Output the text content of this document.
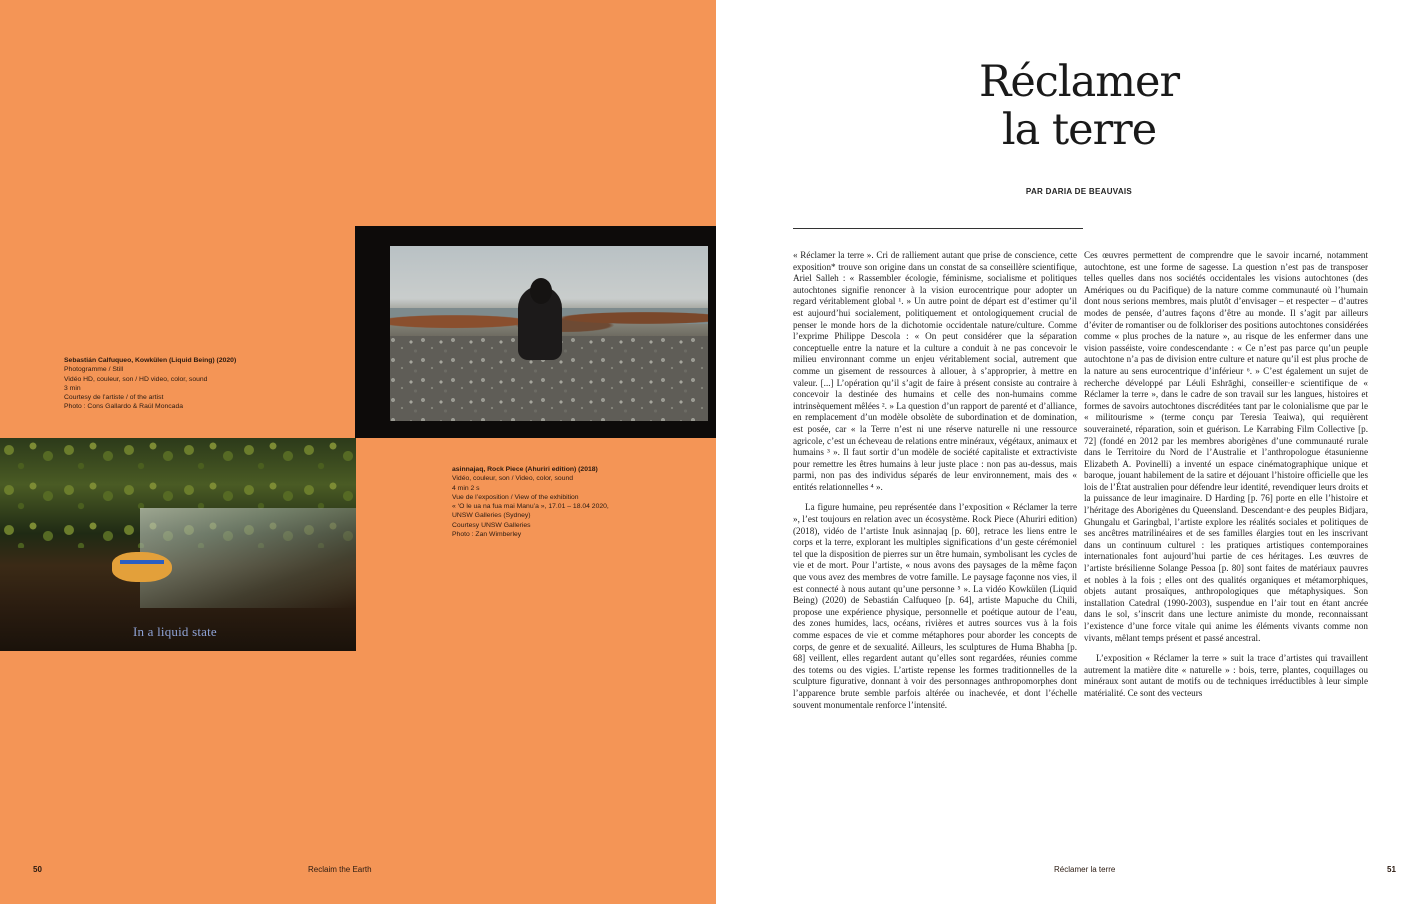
Sebastián Calfuqueo, Kowkülen (Liquid Being) (2020)
Photogramme / Still
Vidéo HD, couleur, son / HD video, color, sound
3 min
Courtesy de l’artiste / of the artist
Photo : Cons Gallardo & Raúl Moncada
In a liquid state
asinnajaq, Rock Piece (Ahuriri edition) (2018)
Vidéo, couleur, son / Video, color, sound
4 min 2 s
Vue de l’exposition / View of the exhibition
« ‘O le ua na fua mai Manu’a », 17.01 – 18.04 2020,
UNSW Galleries (Sydney)
Courtesy UNSW Galleries
Photo : Zan Wimberley
50	Reclaim the Earth
Réclamer
la terre
PAR DARIA DE BEAUVAIS

« Réclamer la terre ». Cri de ralliement autant que prise de conscience, cette exposition* trouve son origine dans un constat de sa conseillère scientifique, Ariel Salleh : « Rassembler écologie, féminisme, socialisme et politiques autochtones signifie renoncer à la vision eurocentrique pour adopter un regard véritablement global ¹. » Un autre point de départ est d’estimer qu’il est aujourd’hui socialement, politiquement et ontologiquement crucial de penser le monde hors de la dichotomie occidentale nature/culture. Comme l’exprime Philippe Descola : « On peut considérer que la séparation conceptuelle entre la nature et la culture a conduit à ne pas concevoir le milieu environnant comme un enjeu véritablement social, autrement que comme un gisement de ressources à allouer, à s’approprier, à mettre en valeur. [...] L’opération qu’il s’agit de faire à présent consiste au contraire à concevoir la destinée des humains et celle des non-humains comme intrinsèquement mêlées ². » La question d’un rapport de parenté et d’alliance, en remplacement d’un modèle obsolète de subordination et de domination, est posée, car « la Terre n’est ni une réserve naturelle ni une ressource agricole, c’est un écheveau de relations entre minéraux, végétaux, animaux et humains ³ ». Il faut sortir d’un modèle de société capitaliste et extractiviste pour remettre les êtres humains à leur juste place : non pas au-dessus, mais parmi, non pas des individus séparés de leur environnement, mais des « entités relationnelles ⁴ ».

La figure humaine, peu représentée dans l’exposition « Réclamer la terre », l’est toujours en relation avec un écosystème. Rock Piece (Ahuriri edition) (2018), vidéo de l’artiste Inuk asinnajaq [p. 60], retrace les liens entre le corps et la terre, explorant les multiples significations d’un geste cérémoniel tel que la disposition de pierres sur un être humain, symbolisant les cycles de vie et de mort. Pour l’artiste, « nous avons des paysages de la même façon que vous avez des membres de votre famille. Le paysage façonne nos vies, il est connecté à nous autant qu’une personne ⁵ ». La vidéo Kowkülen (Liquid Being) (2020) de Sebastián Calfuqueo [p. 64], artiste Mapuche du Chili, propose une expérience physique, personnelle et poétique autour de l’eau, des zones humides, lacs, océans, rivières et autres sources vus à la fois comme espaces de vie et comme métaphores pour aborder les concepts de corps, de genre et de sexualité. Ailleurs, les sculptures de Huma Bhabha [p. 68] veillent, elles regardent autant qu’elles sont regardées, réunies comme des totems ou des vigies. L’artiste repense les formes traditionnelles de la sculpture figurative, donnant à voir des personnages anthropomorphes dont l’apparence brute semble parfois altérée ou inachevée, et dont l’échelle souvent monumentale renforce l’intensité.

Ces œuvres permettent de comprendre que le savoir incarné, notamment autochtone, est une forme de sagesse. La question n’est pas de transposer telles quelles dans nos sociétés occidentales les visions autochtones (des Amériques ou du Pacifique) de la nature comme communauté où l’humain dont nous serions membres, mais plutôt d’envisager – et respecter – d’autres modes de pensée, d’autres façons d’être au monde. Il s’agit par ailleurs d’éviter de romantiser ou de folkloriser des positions autochtones considérées comme « plus proches de la nature », au risque de les enfermer dans une vision passéiste, voire condescendante : « Ce n’est pas parce qu’un peuple autochtone n’a pas de division entre culture et nature qu’il est plus proche de la nature au sens eurocentrique d’inférieur ⁶. » C’est également un sujet de recherche développé par Léuli Eshrāghi, conseiller·e scientifique de « Réclamer la terre », dans le cadre de son travail sur les langues, histoires et formes de savoirs autochtones discréditées tant par le colonialisme que par le « militourisme » (terme conçu par Teresia Teaiwa), qui requièrent souveraineté, réparation, soin et guérison. Le Karrabing Film Collective [p. 72] (fondé en 2012 par les membres aborigènes d’une communauté rurale dans le Territoire du Nord de l’Australie et l’anthropologue étasunienne Elizabeth A. Povinelli) a inventé un espace cinématographique unique et baroque, jouant habilement de la satire et déjouant l’histoire officielle que les lois de l’État australien pour défendre leur identité, revendiquer leurs droits et la puissance de leur imaginaire. D Harding [p. 76] porte en elle l’histoire et l’héritage des Aborigènes du Queensland. Descendant·e des peuples Bidjara, Ghungalu et Garingbal, l’artiste explore les réalités sociales et politiques de ses ancêtres matrilinéaires et de ses familles élargies tout en les inscrivant dans un continuum culturel : les pratiques artistiques contemporaines internationales font aujourd’hui partie de ces héritages. Les œuvres de l’artiste brésilienne Solange Pessoa [p. 80] sont faites de matériaux pauvres et nobles à la fois ; elles ont des qualités organiques et métamorphiques, objets autant prosaïques, anthropologiques que métaphysiques. Son installation Catedral (1990-2003), suspendue en l’air tout en étant ancrée dans le sol, s’inscrit dans une lecture animiste du monde, reconnaissant l’existence d’une force vitale qui anime les éléments vivants comme non vivants, mêlant temps présent et passé ancestral.

L’exposition « Réclamer la terre » suit la trace d’artistes qui travaillent autrement la matière dite « naturelle » : bois, terre, plantes, coquillages ou minéraux sont autant de motifs ou de techniques irréductibles à leur simple matérialité. Ce sont des vecteurs

Réclamer la terre	51
